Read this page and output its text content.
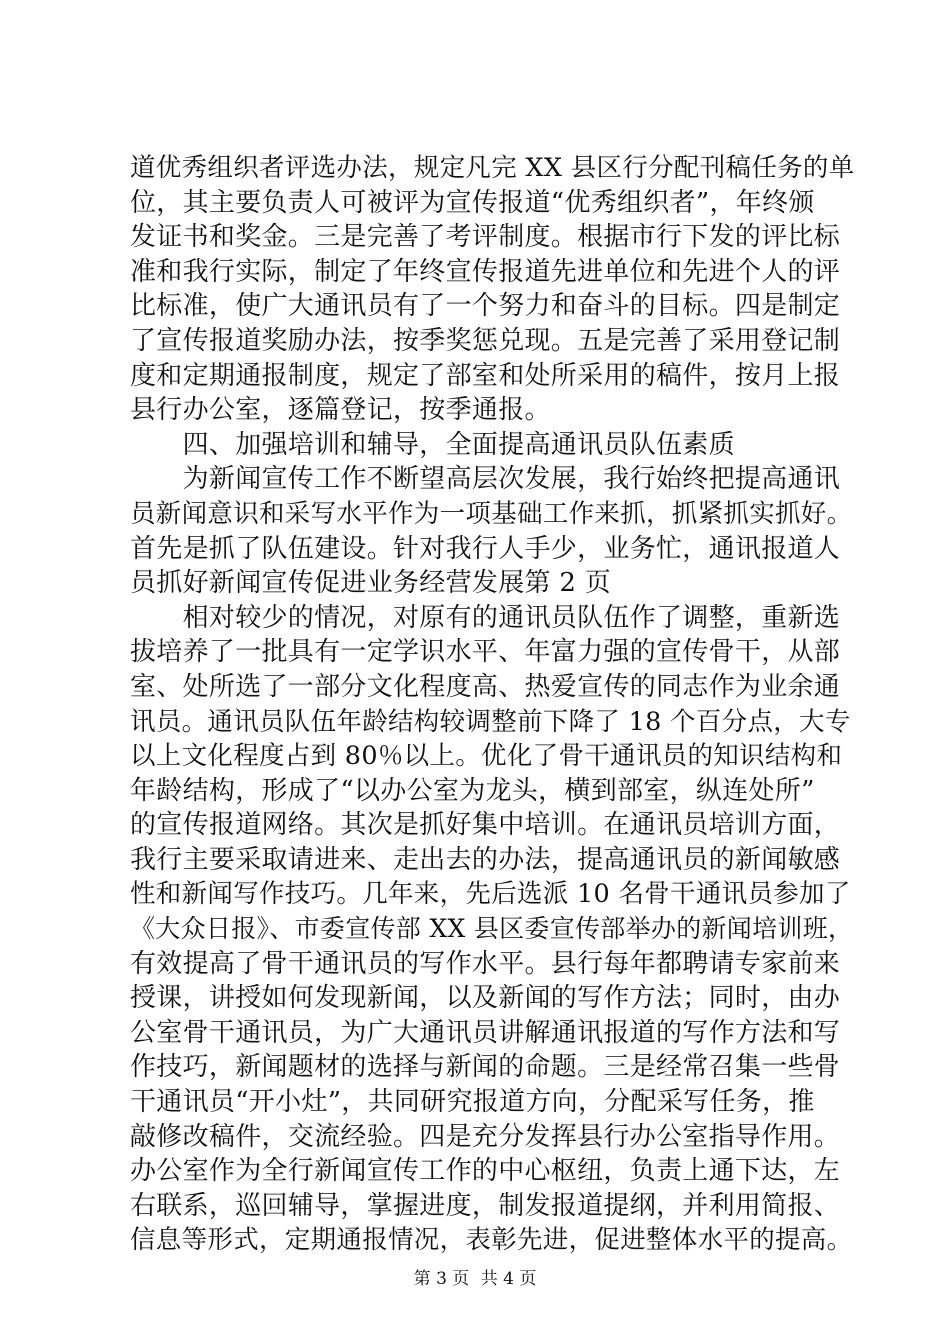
道优秀组织者评选办法，规定凡完 XX 县区行分配刊稿任务的单
位，其主要负责人可被评为宣传报道“优秀组织者”，年终颁
发证书和奖金。三是完善了考评制度。根据市行下发的评比标
准和我行实际，制定了年终宣传报道先进单位和先进个人的评
比标准，使广大通讯员有了一个努力和奋斗的目标。四是制定
了宣传报道奖励办法，按季奖惩兑现。五是完善了采用登记制
度和定期通报制度，规定了部室和处所采用的稿件，按月上报
县行办公室，逐篇登记，按季通报。
　　四、加强培训和辅导，全面提高通讯员队伍素质
　　为新闻宣传工作不断望高层次发展，我行始终把提高通讯
员新闻意识和采写水平作为一项基础工作来抓，抓紧抓实抓好。
首先是抓了队伍建设。针对我行人手少，业务忙，通讯报道人
员抓好新闻宣传促进业务经营发展第 2 页
　　相对较少的情况，对原有的通讯员队伍作了调整，重新选
拔培养了一批具有一定学识水平、年富力强的宣传骨干，从部
室、处所选了一部分文化程度高、热爱宣传的同志作为业余通
讯员。通讯员队伍年龄结构较调整前下降了 18 个百分点，大专
以上文化程度占到 80％以上。优化了骨干通讯员的知识结构和
年龄结构，形成了“以办公室为龙头，横到部室，纵连处所”
的宣传报道网络。其次是抓好集中培训。在通讯员培训方面，
我行主要采取请进来、走出去的办法，提高通讯员的新闻敏感
性和新闻写作技巧。几年来，先后选派 10 名骨干通讯员参加了
《大众日报》、市委宣传部 XX 县区委宣传部举办的新闻培训班，
有效提高了骨干通讯员的写作水平。县行每年都聘请专家前来
授课，讲授如何发现新闻，以及新闻的写作方法；同时，由办
公室骨干通讯员，为广大通讯员讲解通讯报道的写作方法和写
作技巧，新闻题材的选择与新闻的命题。三是经常召集一些骨
干通讯员“开小灶”，共同研究报道方向，分配采写任务，推
敲修改稿件，交流经验。四是充分发挥县行办公室指导作用。
办公室作为全行新闻宣传工作的中心枢纽，负责上通下达，左
右联系，巡回辅导，掌握进度，制发报道提纲，并利用简报、
信息等形式，定期通报情况，表彰先进，促进整体水平的提高。
第 3 页 共 4 页
